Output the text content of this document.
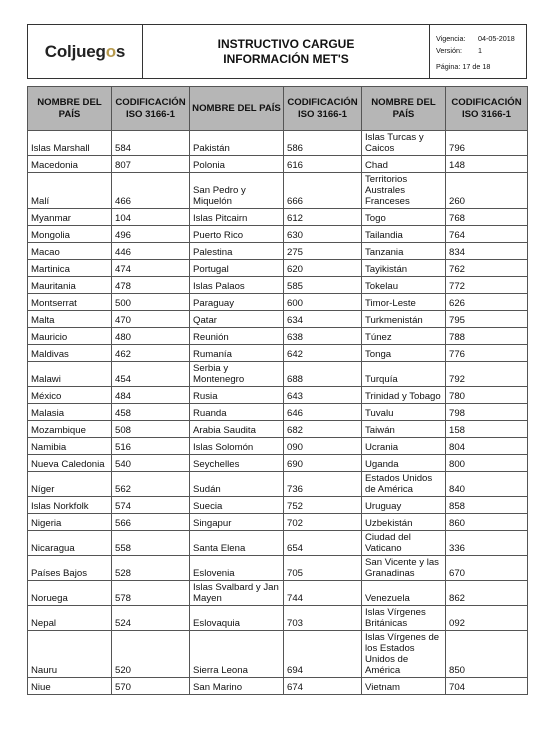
Coljuegos	INSTRUCTIVO CARGUE
INFORMACIÓN MET'S
Vigencia:	04-05-2018
Versión:	1
Página: 17 de 18
NOMBRE DEL PAÍS	CODIFICACIÓN ISO 3166-1	NOMBRE DEL PAÍS	CODIFICACIÓN ISO 3166-1	NOMBRE DEL PAÍS	CODIFICACIÓN ISO 3166-1
Islas Marshall	584	Pakistán	586	Islas Turcas y Caicos	796
Macedonia	807	Polonia	616	Chad	148
Malí	466	San Pedro y Miquelón	666	Territorios Australes Franceses	260
Myanmar	104	Islas Pitcairn	612	Togo	768
Mongolia	496	Puerto Rico	630	Tailandia	764
Macao	446	Palestina	275	Tanzania	834
Martinica	474	Portugal	620	Tayikistán	762
Mauritania	478	Islas Palaos	585	Tokelau	772
Montserrat	500	Paraguay	600	Timor-Leste	626
Malta	470	Qatar	634	Turkmenistán	795
Mauricio	480	Reunión	638	Túnez	788
Maldivas	462	Rumanía	642	Tonga	776
Malawi	454	Serbia y Montenegro	688	Turquía	792
México	484	Rusia	643	Trinidad y Tobago	780
Malasia	458	Ruanda	646	Tuvalu	798
Mozambique	508	Arabia Saudita	682	Taiwán	158
Namibia	516	Islas Solomón	090	Ucrania	804
Nueva Caledonia	540	Seychelles	690	Uganda	800
Níger	562	Sudán	736	Estados Unidos de América	840
Islas Norkfolk	574	Suecia	752	Uruguay	858
Nigeria	566	Singapur	702	Uzbekistán	860
Nicaragua	558	Santa Elena	654	Ciudad del Vaticano	336
Países Bajos	528	Eslovenia	705	San Vicente y las Granadinas	670
Noruega	578	Islas Svalbard y Jan Mayen	744	Venezuela	862
Nepal	524	Eslovaquia	703	Islas Vírgenes Británicas	092
Nauru	520	Sierra Leona	694	Islas Vírgenes de los Estados Unidos de América	850
Niue	570	San Marino	674	Vietnam	704
